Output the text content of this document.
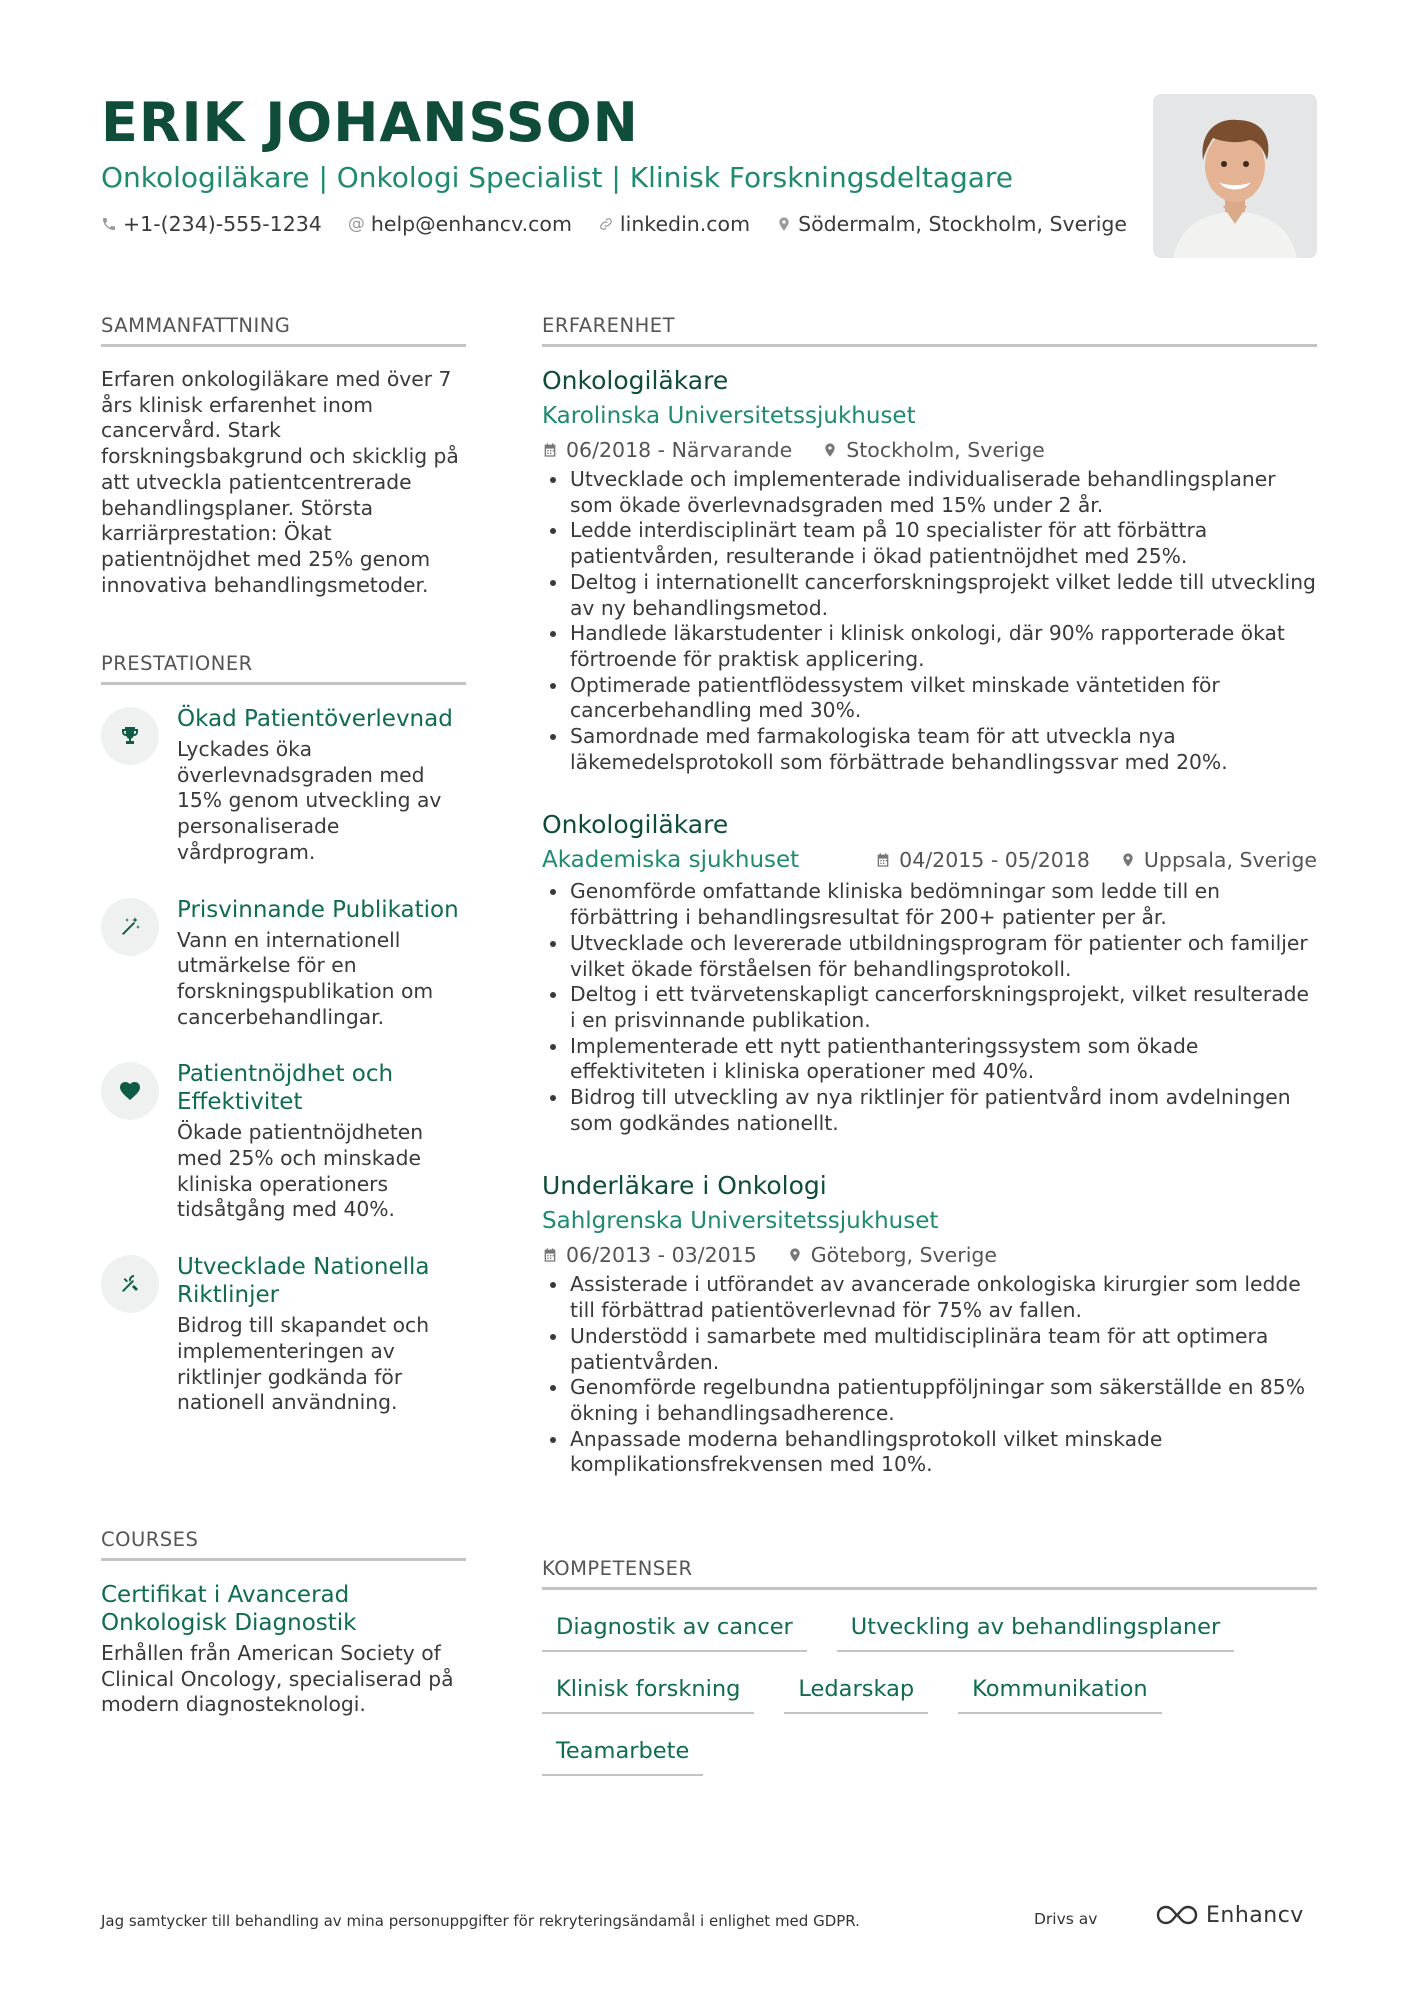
ERIK JOHANSSON
Onkologiläkare | Onkologi Specialist | Klinisk Forskningsdeltagare
+1-(234)-555-1234 @ help@enhancv.com linkedin.com Södermalm, Stockholm, Sverige
SAMMANFATTNING
Erfaren onkologiläkare med över 7 års klinisk erfarenhet inom cancervård. Stark forskningsbakgrund och skicklig på att utveckla patientcentrerade behandlingsplaner. Största karriärprestation: Ökat patientnöjdhet med 25% genom innovativa behandlingsmetoder.
PRESTATIONER
Ökad Patientöverlevnad
Lyckades öka överlevnadsgraden med 15% genom utveckling av personaliserade vårdprogram.
Prisvinnande Publikation
Vann en internationell utmärkelse för en forskningspublikation om cancerbehandlingar.
Patientnöjdhet och Effektivitet
Ökade patientnöjdheten med 25% och minskade kliniska operationers tidsåtgång med 40%.
Utvecklade Nationella Riktlinjer
Bidrog till skapandet och implementeringen av riktlinjer godkända för nationell användning.
COURSES
Certifikat i Avancerad Onkologisk Diagnostik
Erhållen från American Society of Clinical Oncology, specialiserad på modern diagnosteknologi.
ERFARENHET
Onkologiläkare
Karolinska Universitetssjukhuset
06/2018 - Närvarande	Stockholm, Sverige
Utvecklade och implementerade individualiserade behandlingsplaner som ökade överlevnadsgraden med 15% under 2 år.
Ledde interdisciplinärt team på 10 specialister för att förbättra patientvården, resulterande i ökad patientnöjdhet med 25%.
Deltog i internationellt cancerforskningsprojekt vilket ledde till utveckling av ny behandlingsmetod.
Handlede läkarstudenter i klinisk onkologi, där 90% rapporterade ökat förtroende för praktisk applicering.
Optimerade patientflödessystem vilket minskade väntetiden för cancerbehandling med 30%.
Samordnade med farmakologiska team för att utveckla nya läkemedelsprotokoll som förbättrade behandlingssvar med 20%.
Onkologiläkare
Akademiska sjukhuset	04/2015 - 05/2018	Uppsala, Sverige
Genomförde omfattande kliniska bedömningar som ledde till en förbättring i behandlingsresultat för 200+ patienter per år.
Utvecklade och levererade utbildningsprogram för patienter och familjer vilket ökade förståelsen för behandlingsprotokoll.
Deltog i ett tvärvetenskapligt cancerforskningsprojekt, vilket resulterade i en prisvinnande publikation.
Implementerade ett nytt patienthanteringssystem som ökade effektiviteten i kliniska operationer med 40%.
Bidrog till utveckling av nya riktlinjer för patientvård inom avdelningen som godkändes nationellt.
Underläkare i Onkologi
Sahlgrenska Universitetssjukhuset
06/2013 - 03/2015	Göteborg, Sverige
Assisterade i utförandet av avancerade onkologiska kirurgier som ledde till förbättrad patientöverlevnad för 75% av fallen.
Understödd i samarbete med multidisciplinära team för att optimera patientvården.
Genomförde regelbundna patientuppföljningar som säkerställde en 85% ökning i behandlingsadherence.
Anpassade moderna behandlingsprotokoll vilket minskade komplikationsfrekvensen med 10%.
KOMPETENSER
Diagnostik av cancer	Utveckling av behandlingsplaner
Klinisk forskning	Ledarskap	Kommunikation
Teamarbete
Jag samtycker till behandling av mina personuppgifter för rekryteringsändamål i enlighet med GDPR.	Drivs av	Enhancv
